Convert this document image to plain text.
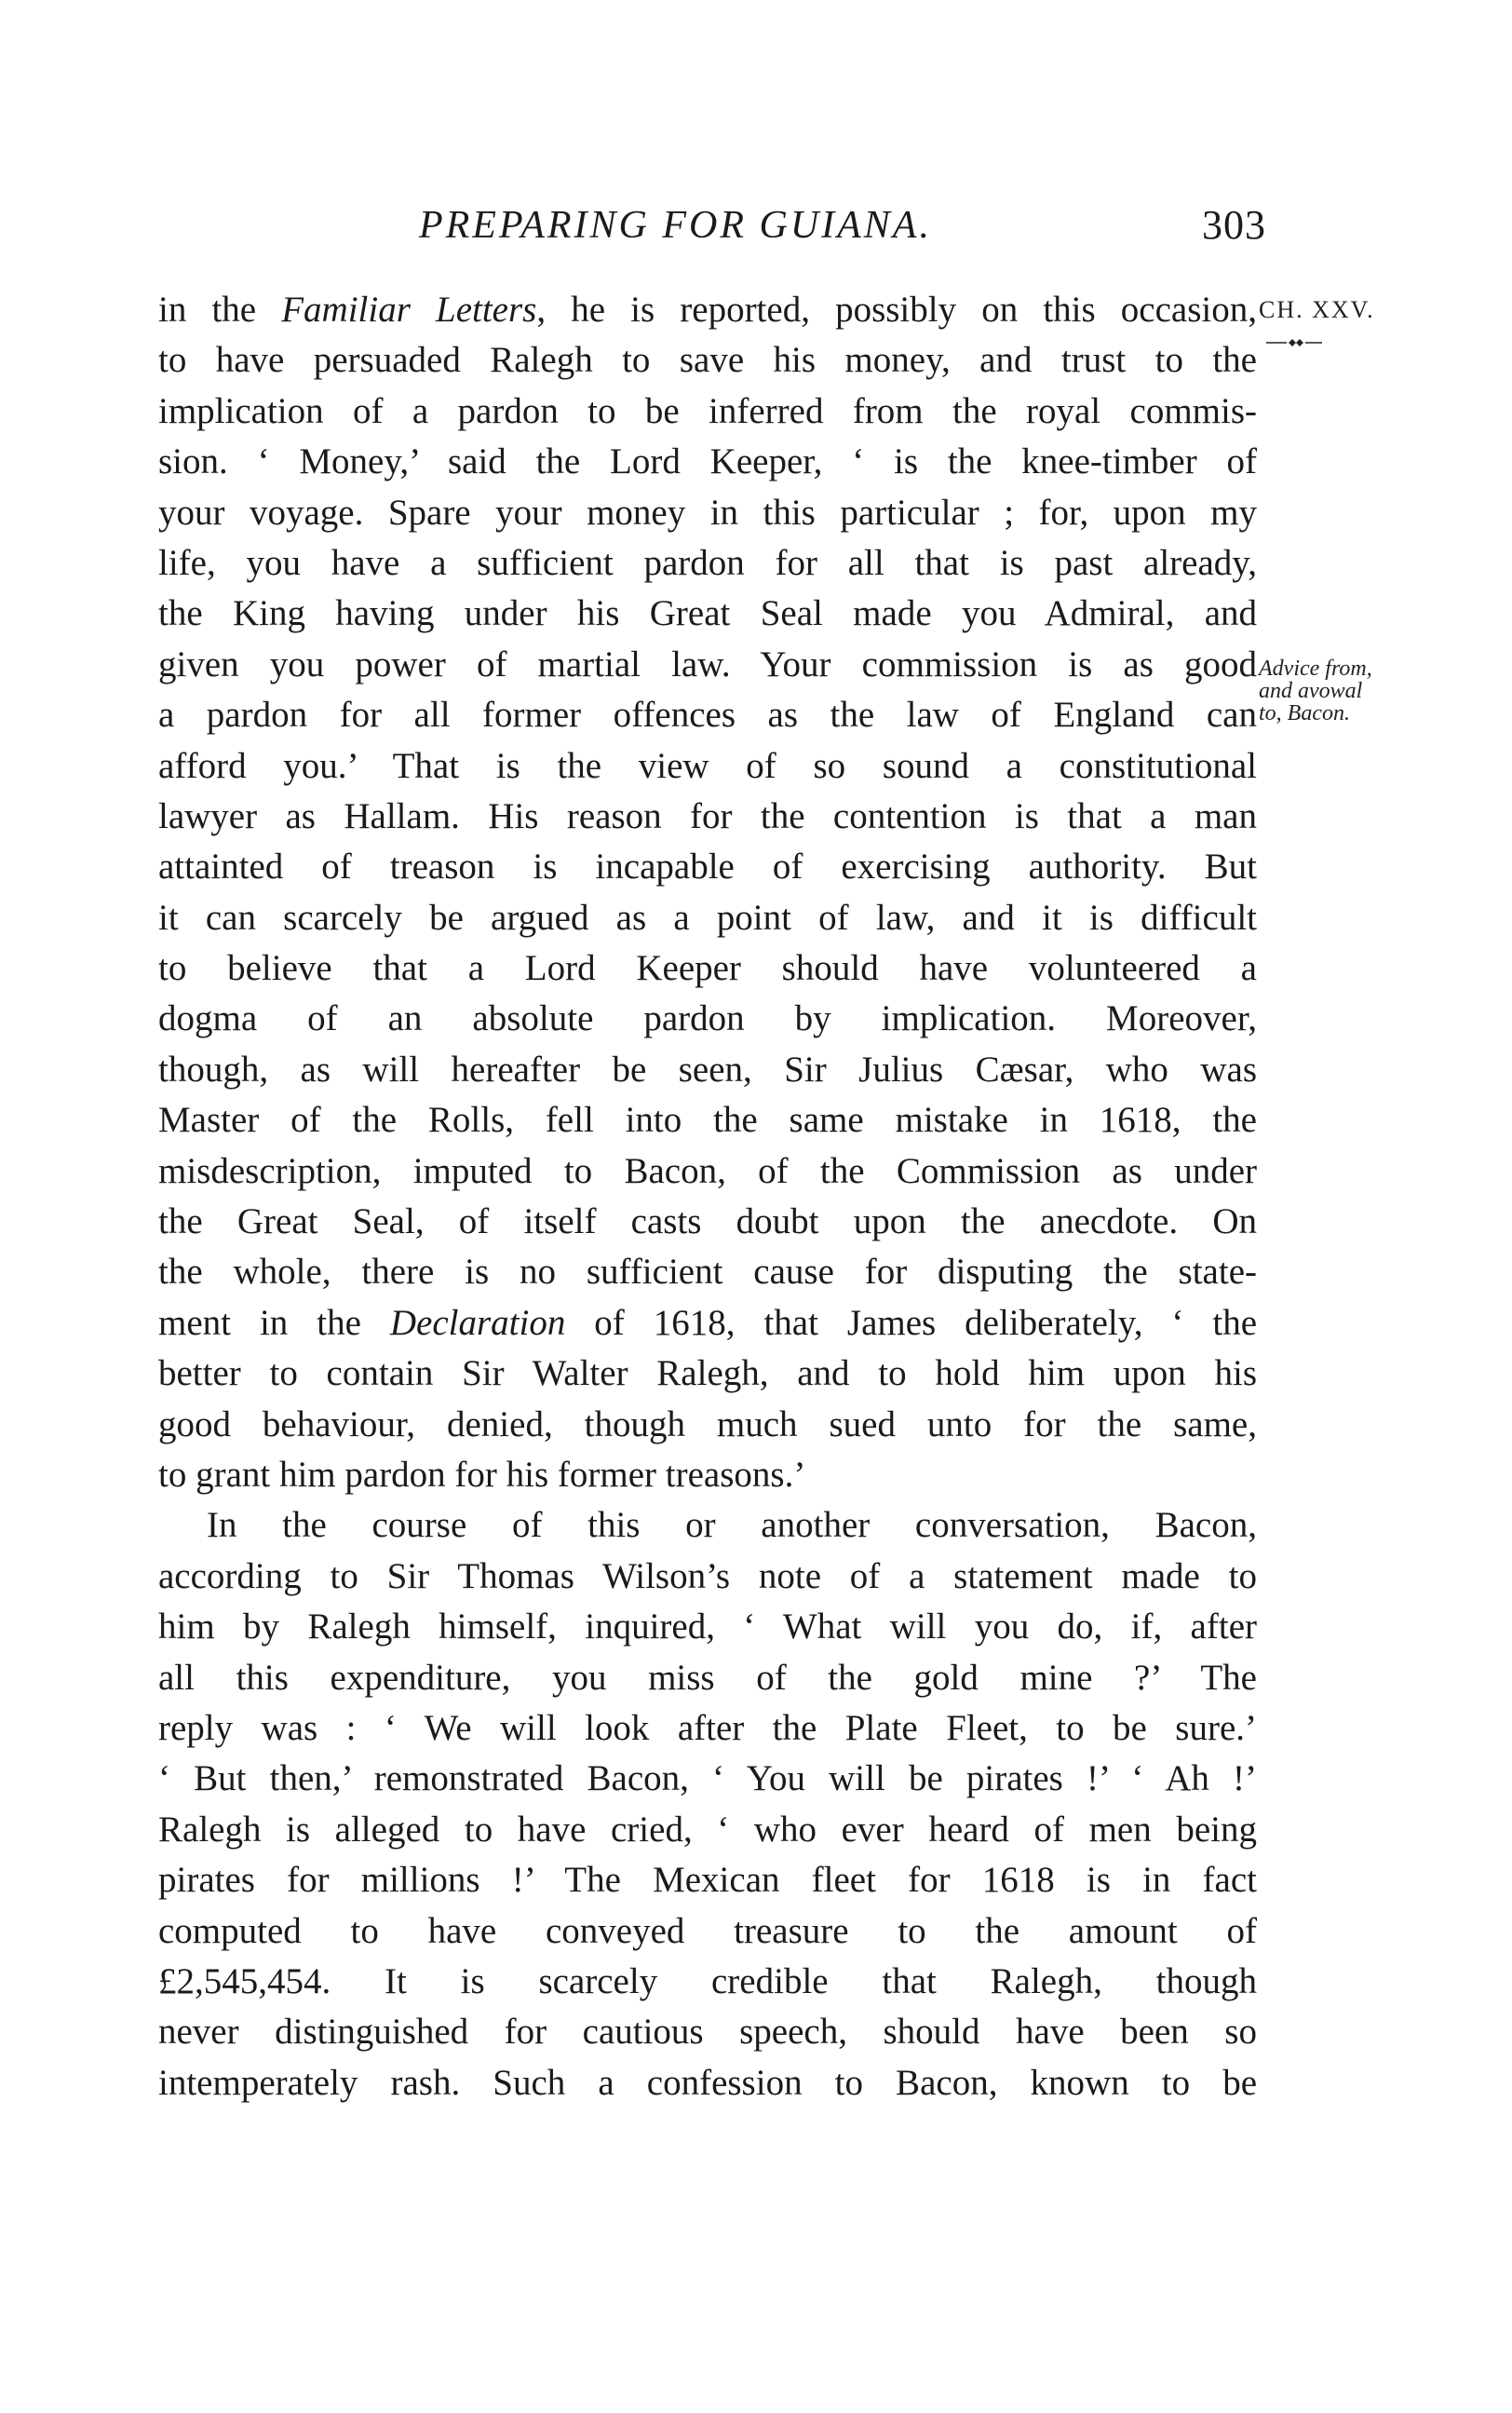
PREPARING FOR GUIANA.	303
in the Familiar Letters, he is reported, possibly on this occasion,
to have persuaded Ralegh to save his money, and trust to the
implication of a pardon to be inferred from the royal commis-
sion. ‘ Money,’ said the Lord Keeper, ‘ is the knee-timber of
your voyage. Spare your money in this particular ; for, upon my
life, you have a sufficient pardon for all that is past already,
the King having under his Great Seal made you Admiral, and
given you power of martial law. Your commission is as good
a pardon for all former offences as the law of England can
afford you.’ That is the view of so sound a constitutional
lawyer as Hallam. His reason for the contention is that a man
attainted of treason is incapable of exercising authority. But
it can scarcely be argued as a point of law, and it is difficult
to believe that a Lord Keeper should have volunteered a
dogma of an absolute pardon by implication. Moreover,
though, as will hereafter be seen, Sir Julius Cæsar, who was
Master of the Rolls, fell into the same mistake in 1618, the
misdescription, imputed to Bacon, of the Commission as under
the Great Seal, of itself casts doubt upon the anecdote. On
the whole, there is no sufficient cause for disputing the state-
ment in the Declaration of 1618, that James deliberately, ‘ the
better to contain Sir Walter Ralegh, and to hold him upon his
good behaviour, denied, though much sued unto for the same,
to grant him pardon for his former treasons.’
In the course of this or another conversation, Bacon,
according to Sir Thomas Wilson’s note of a statement made to
him by Ralegh himself, inquired, ‘ What will you do, if, after
all this expenditure, you miss of the gold mine ?’ The
reply was : ‘ We will look after the Plate Fleet, to be sure.’
‘ But then,’ remonstrated Bacon, ‘ You will be pirates !’ ‘ Ah !’
Ralegh is alleged to have cried, ‘ who ever heard of men being
pirates for millions !’ The Mexican fleet for 1618 is in fact
computed to have conveyed treasure to the amount of
£2,545,454. It is scarcely credible that Ralegh, though
never distinguished for cautious speech, should have been so
intemperately rash. Such a confession to Bacon, known to be
CH. XXV.
Advice from,
and avowal
to, Bacon.
